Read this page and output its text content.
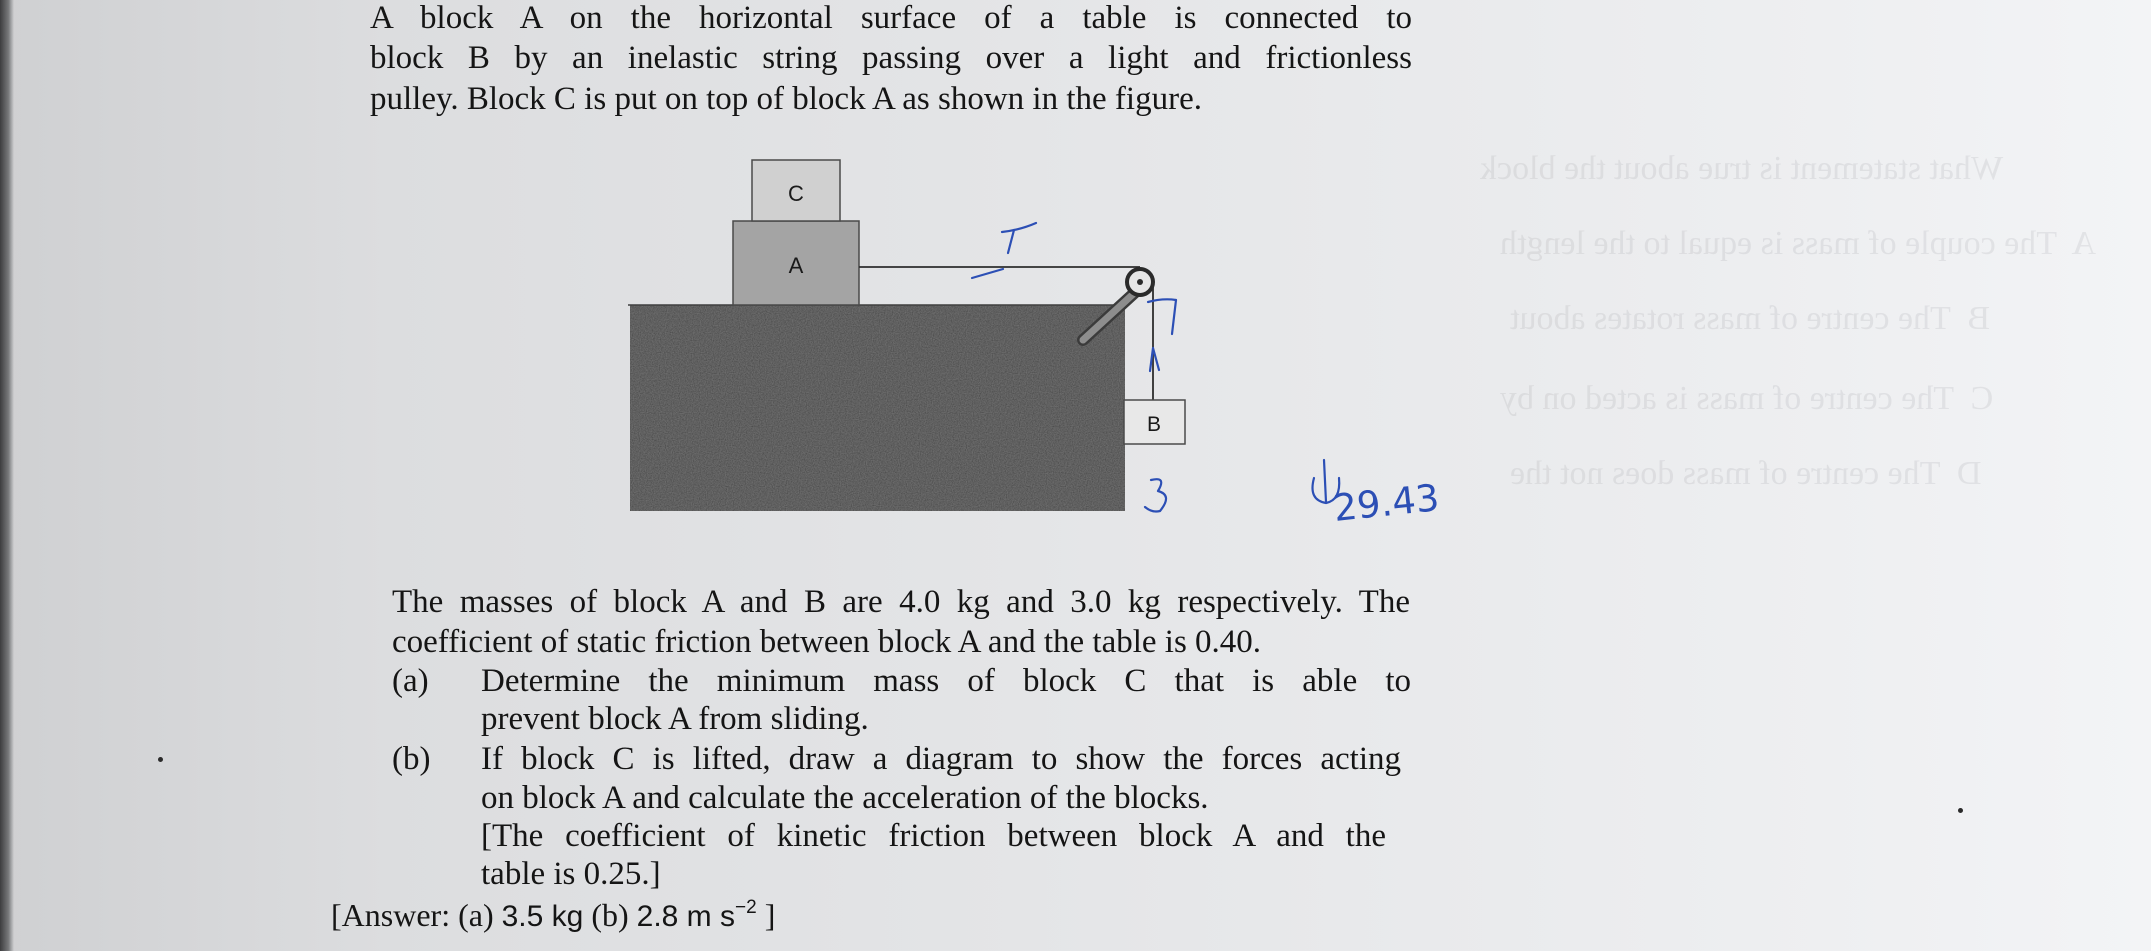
What statement is true about the block
A  The couple of mass is equal to the length
B  The centre of mass rotates about
C  The centre of mass is acted on by
D  The centre of mass does not the

A block A on the horizontal surface of a table is connected to

block B by an inelastic string passing over a light and frictionless

pulley. Block C is put on top of block A as shown in the figure.

A
C
B
29.43

The masses of block A and B are 4.0 kg and 3.0 kg respectively. The

coefficient of static friction between block A and the table is 0.40.

(a) Determine the minimum mass of block C that is able to

prevent block A from sliding.

(b) If block C is lifted, draw a diagram to show the forces acting

on block A and calculate the acceleration of the blocks.

[The coefficient of kinetic friction between block A and the

table is 0.25.]

[Answer: (a) 3.5 kg (b) 2.8 m $s^{-2}$ ]
